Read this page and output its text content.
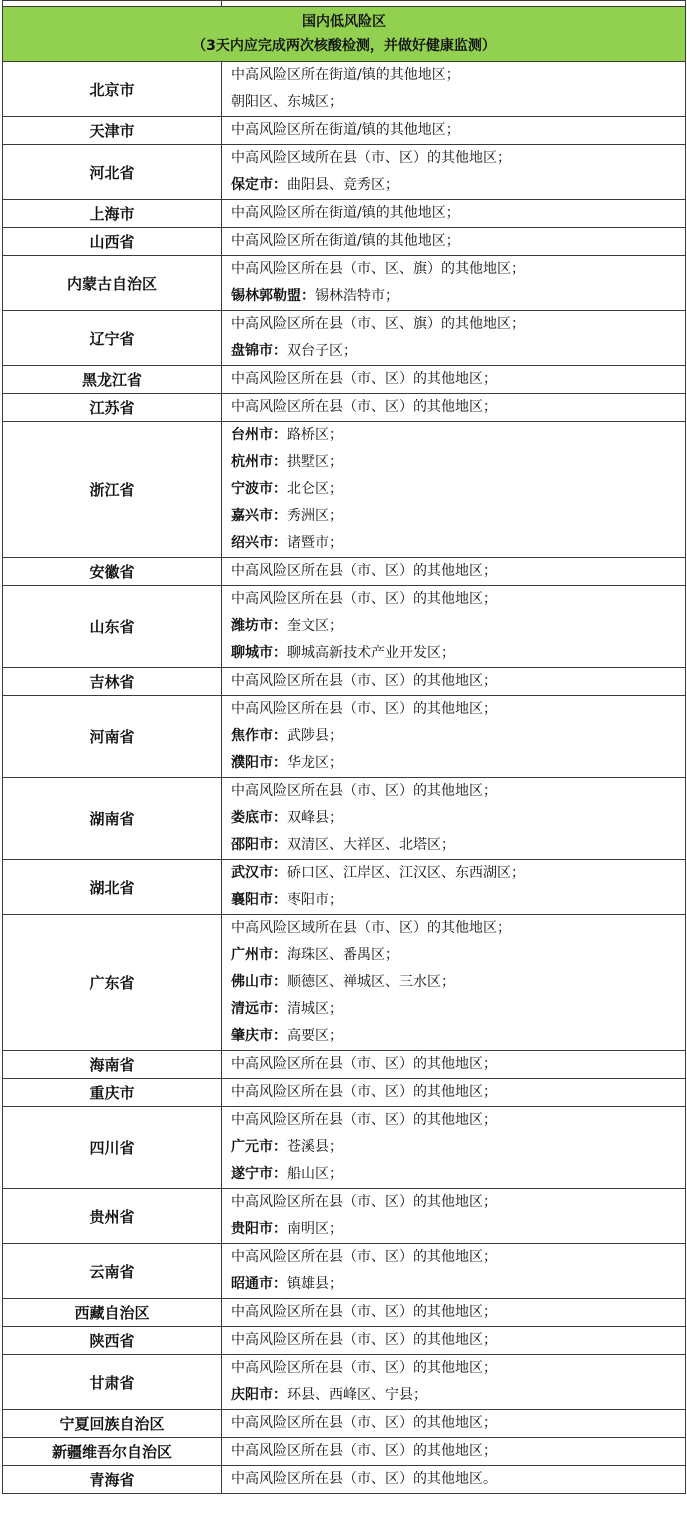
国内低风险区
（3天内应完成两次核酸检测，并做好健康监测）	

北京市	中高风险区所在街道/镇的其他地区；
朝阳区、东城区；

天津市	中高风险区所在街道/镇的其他地区；

河北省	中高风险区域所在县（市、区）的其他地区；
保定市：曲阳县、竞秀区；

上海市	中高风险区所在街道/镇的其他地区；

山西省	中高风险区所在街道/镇的其他地区；

内蒙古自治区	中高风险区所在县（市、区、旗）的其他地区；
锡林郭勒盟：锡林浩特市；

辽宁省	中高风险区所在县（市、区、旗）的其他地区；
盘锦市：双台子区；

黑龙江省	中高风险区所在县（市、区）的其他地区；

江苏省	中高风险区所在县（市、区）的其他地区；

浙江省	台州市：路桥区；
杭州市：拱墅区；
宁波市：北仑区；
嘉兴市：秀洲区；
绍兴市：诸暨市；

安徽省	中高风险区所在县（市、区）的其他地区；

山东省	中高风险区所在县（市、区）的其他地区；
潍坊市：奎文区；
聊城市：聊城高新技术产业开发区；

吉林省	中高风险区所在县（市、区）的其他地区；

河南省	中高风险区所在县（市、区）的其他地区；
焦作市：武陟县；
濮阳市：华龙区；

湖南省	中高风险区所在县（市、区）的其他地区；
娄底市：双峰县；
邵阳市：双清区、大祥区、北塔区；

湖北省	武汉市：硚口区、江岸区、江汉区、东西湖区；
襄阳市：枣阳市；

广东省	中高风险区域所在县（市、区）的其他地区；
广州市：海珠区、番禺区；
佛山市：顺德区、禅城区、三水区；
清远市：清城区；
肇庆市：高要区；

海南省	中高风险区所在县（市、区）的其他地区；

重庆市	中高风险区所在县（市、区）的其他地区；

四川省	中高风险区所在县（市、区）的其他地区；
广元市：苍溪县；
遂宁市：船山区；

贵州省	中高风险区所在县（市、区）的其他地区；
贵阳市：南明区；

云南省	中高风险区所在县（市、区）的其他地区；
昭通市：镇雄县；

西藏自治区	中高风险区所在县（市、区）的其他地区；

陕西省	中高风险区所在县（市、区）的其他地区；

甘肃省	中高风险区所在县（市、区）的其他地区；
庆阳市：环县、西峰区、宁县；

宁夏回族自治区	中高风险区所在县（市、区）的其他地区；

新疆维吾尔自治区	中高风险区所在县（市、区）的其他地区；

青海省	中高风险区所在县（市、区）的其他地区。
